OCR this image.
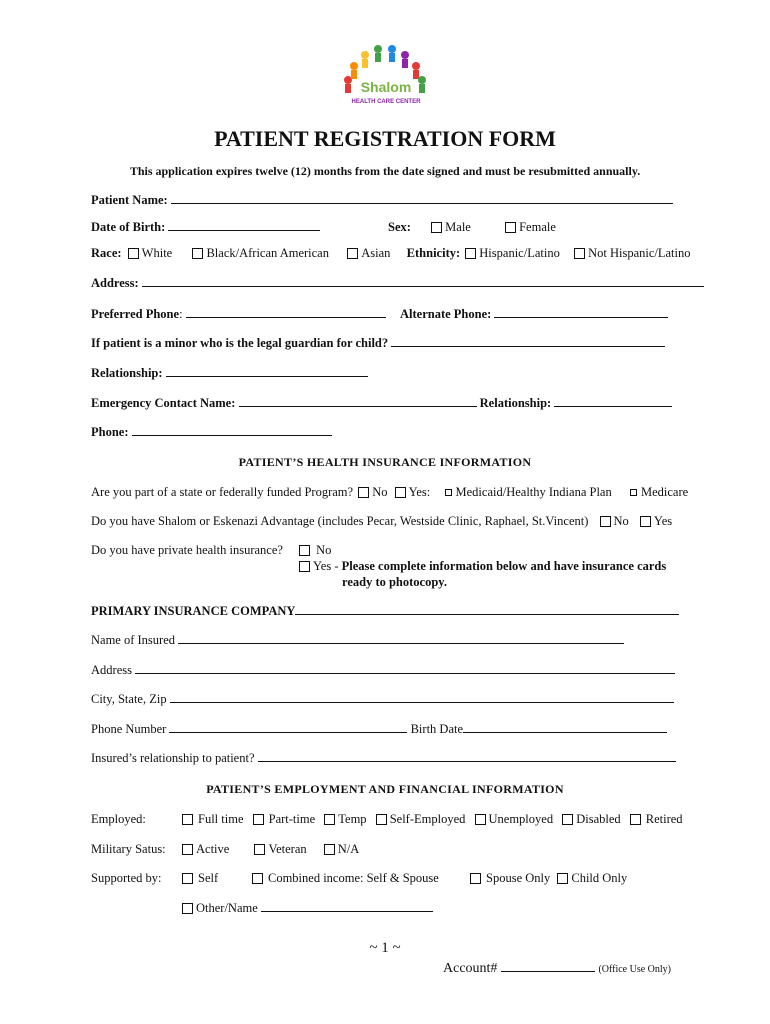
Shalom
HEALTH CARE CENTER
PATIENT REGISTRATION FORM
This application expires twelve (12) months from the date signed and must be resubmitted annually.
Patient Name:
Date of Birth:	Sex:	Male	Female
Race: White	Black/African American	Asian Ethnicity: Hispanic/Latino Not Hispanic/Latino
Address:
Preferred Phone:	Alternate Phone:
If patient is a minor who is the legal guardian for child?
Relationship:
Emergency Contact Name:	Relationship:
Phone:
PATIENT’S HEALTH INSURANCE INFORMATION
Are you part of a state or federally funded Program? No Yes: Medicaid/Healthy Indiana Plan Medicare
Do you have Shalom or Eskenazi Advantage (includes Pecar, Westside Clinic, Raphael, St.Vincent) No Yes
Do you have private health insurance?	No
Yes - Please complete information below and have insurance cards
ready to photocopy.
PRIMARY INSURANCE COMPANY
Name of Insured
Address
City, State, Zip
Phone Number	Birth Date
Insured’s relationship to patient?
PATIENT’S EMPLOYMENT AND FINANCIAL INFORMATION
Employed:	Full time Part-time Temp Self-Employed Unemployed Disabled Retired
Military Satus:	Active	Veteran N/A
Supported by:	Self	Combined income: Self & Spouse	Spouse Only Child Only
Other/Name
~ 1 ~
Account#	(Office Use Only)
